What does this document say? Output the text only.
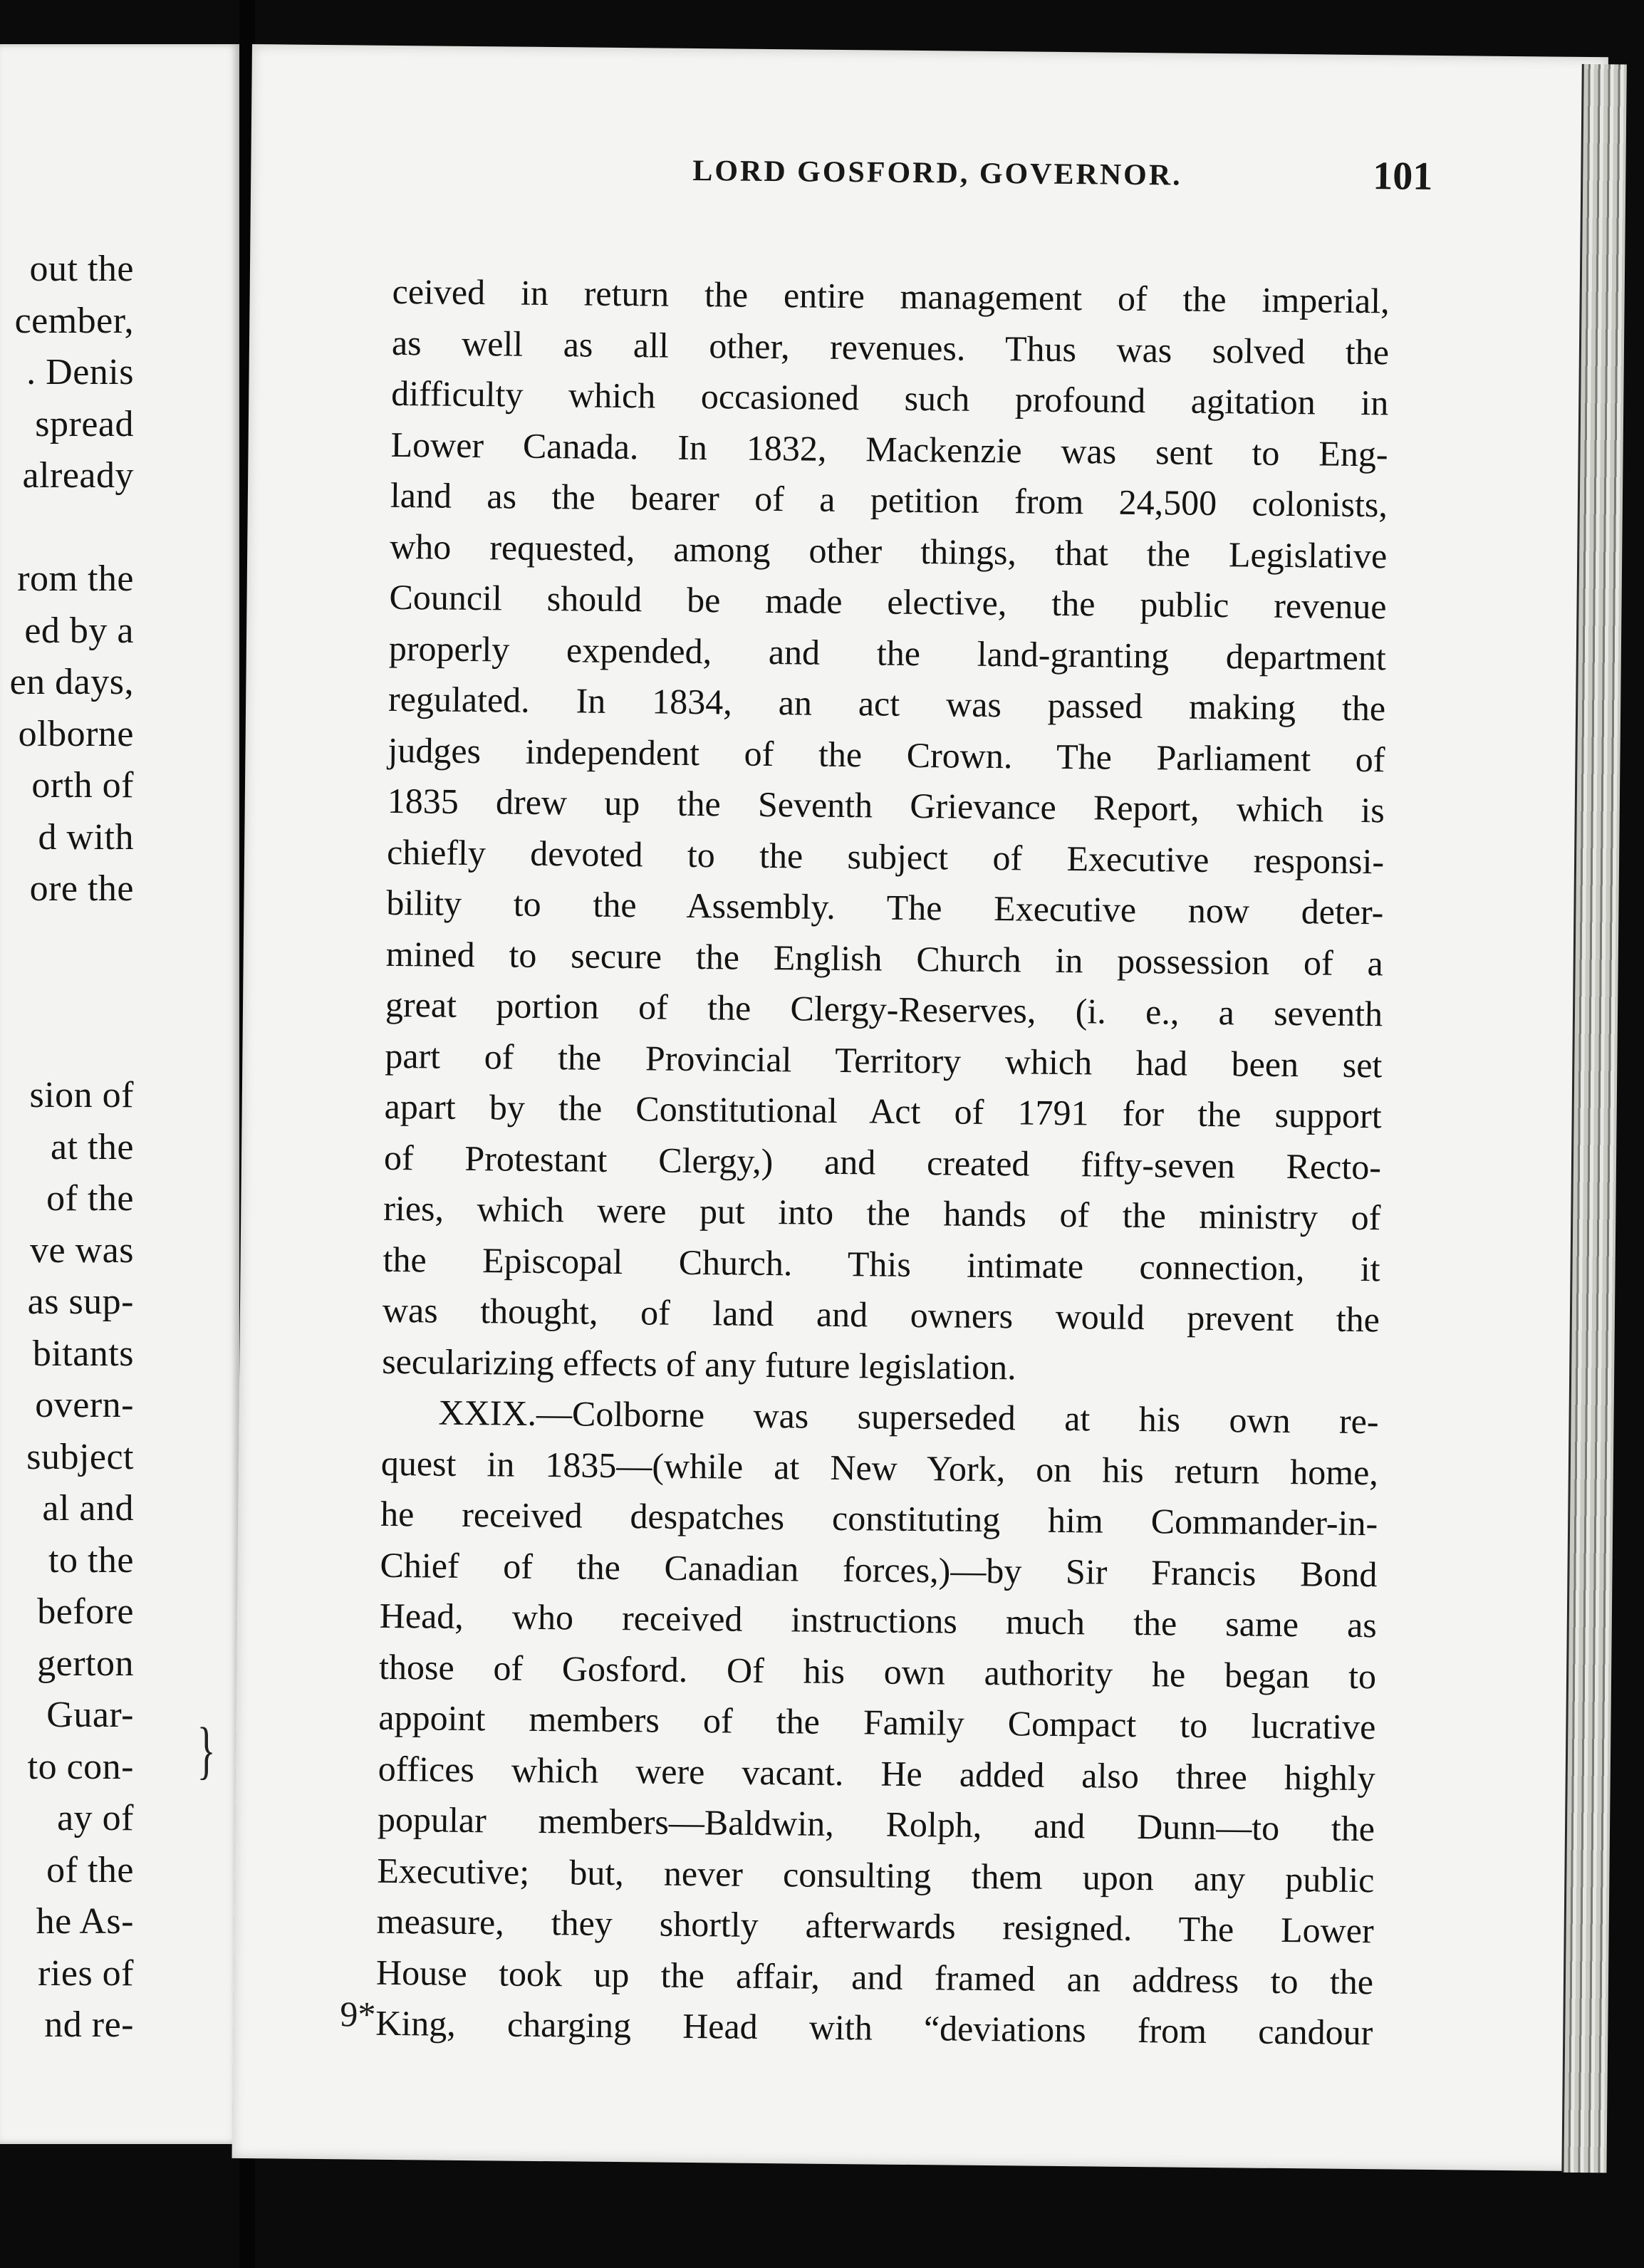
out the
cember,
. Denis
spread
already
rom the
ed by a
en days,
olborne
orth of
d with
ore the
sion of
at the
of the
ve was
as sup-
bitants
overn-
subject
al and
to the
before
gerton
Guar-
to con-
ay of
of the
he As-
ries of
nd re-
}
LORD GOSFORD, GOVERNOR.	101
ceived in return the entire management of the imperial,
as well as all other, revenues. Thus was solved the
difficulty which occasioned such profound agitation in
Lower Canada. In 1832, Mackenzie was sent to Eng-
land as the bearer of a petition from 24,500 colonists,
who requested, among other things, that the Legislative
Council should be made elective, the public revenue
properly expended, and the land-granting department
regulated. In 1834, an act was passed making the
judges independent of the Crown. The Parliament of
1835 drew up the Seventh Grievance Report, which is
chiefly devoted to the subject of Executive responsi-
bility to the Assembly. The Executive now deter-
mined to secure the English Church in possession of a
great portion of the Clergy-Reserves, (i. e., a seventh
part of the Provincial Territory which had been set
apart by the Constitutional Act of 1791 for the support
of Protestant Clergy,) and created fifty-seven Recto-
ries, which were put into the hands of the ministry of
the Episcopal Church. This intimate connection, it
was thought, of land and owners would prevent the
secularizing effects of any future legislation.
XXIX.—Colborne was superseded at his own re-
quest in 1835—(while at New York, on his return home,
he received despatches constituting him Commander-in-
Chief of the Canadian forces,)—by Sir Francis Bond
Head, who received instructions much the same as
those of Gosford. Of his own authority he began to
appoint members of the Family Compact to lucrative
offices which were vacant. He added also three highly
popular members—Baldwin, Rolph, and Dunn—to the
Executive; but, never consulting them upon any public
measure, they shortly afterwards resigned. The Lower
House took up the affair, and framed an address to the
King, charging Head with “deviations from candour
9*
